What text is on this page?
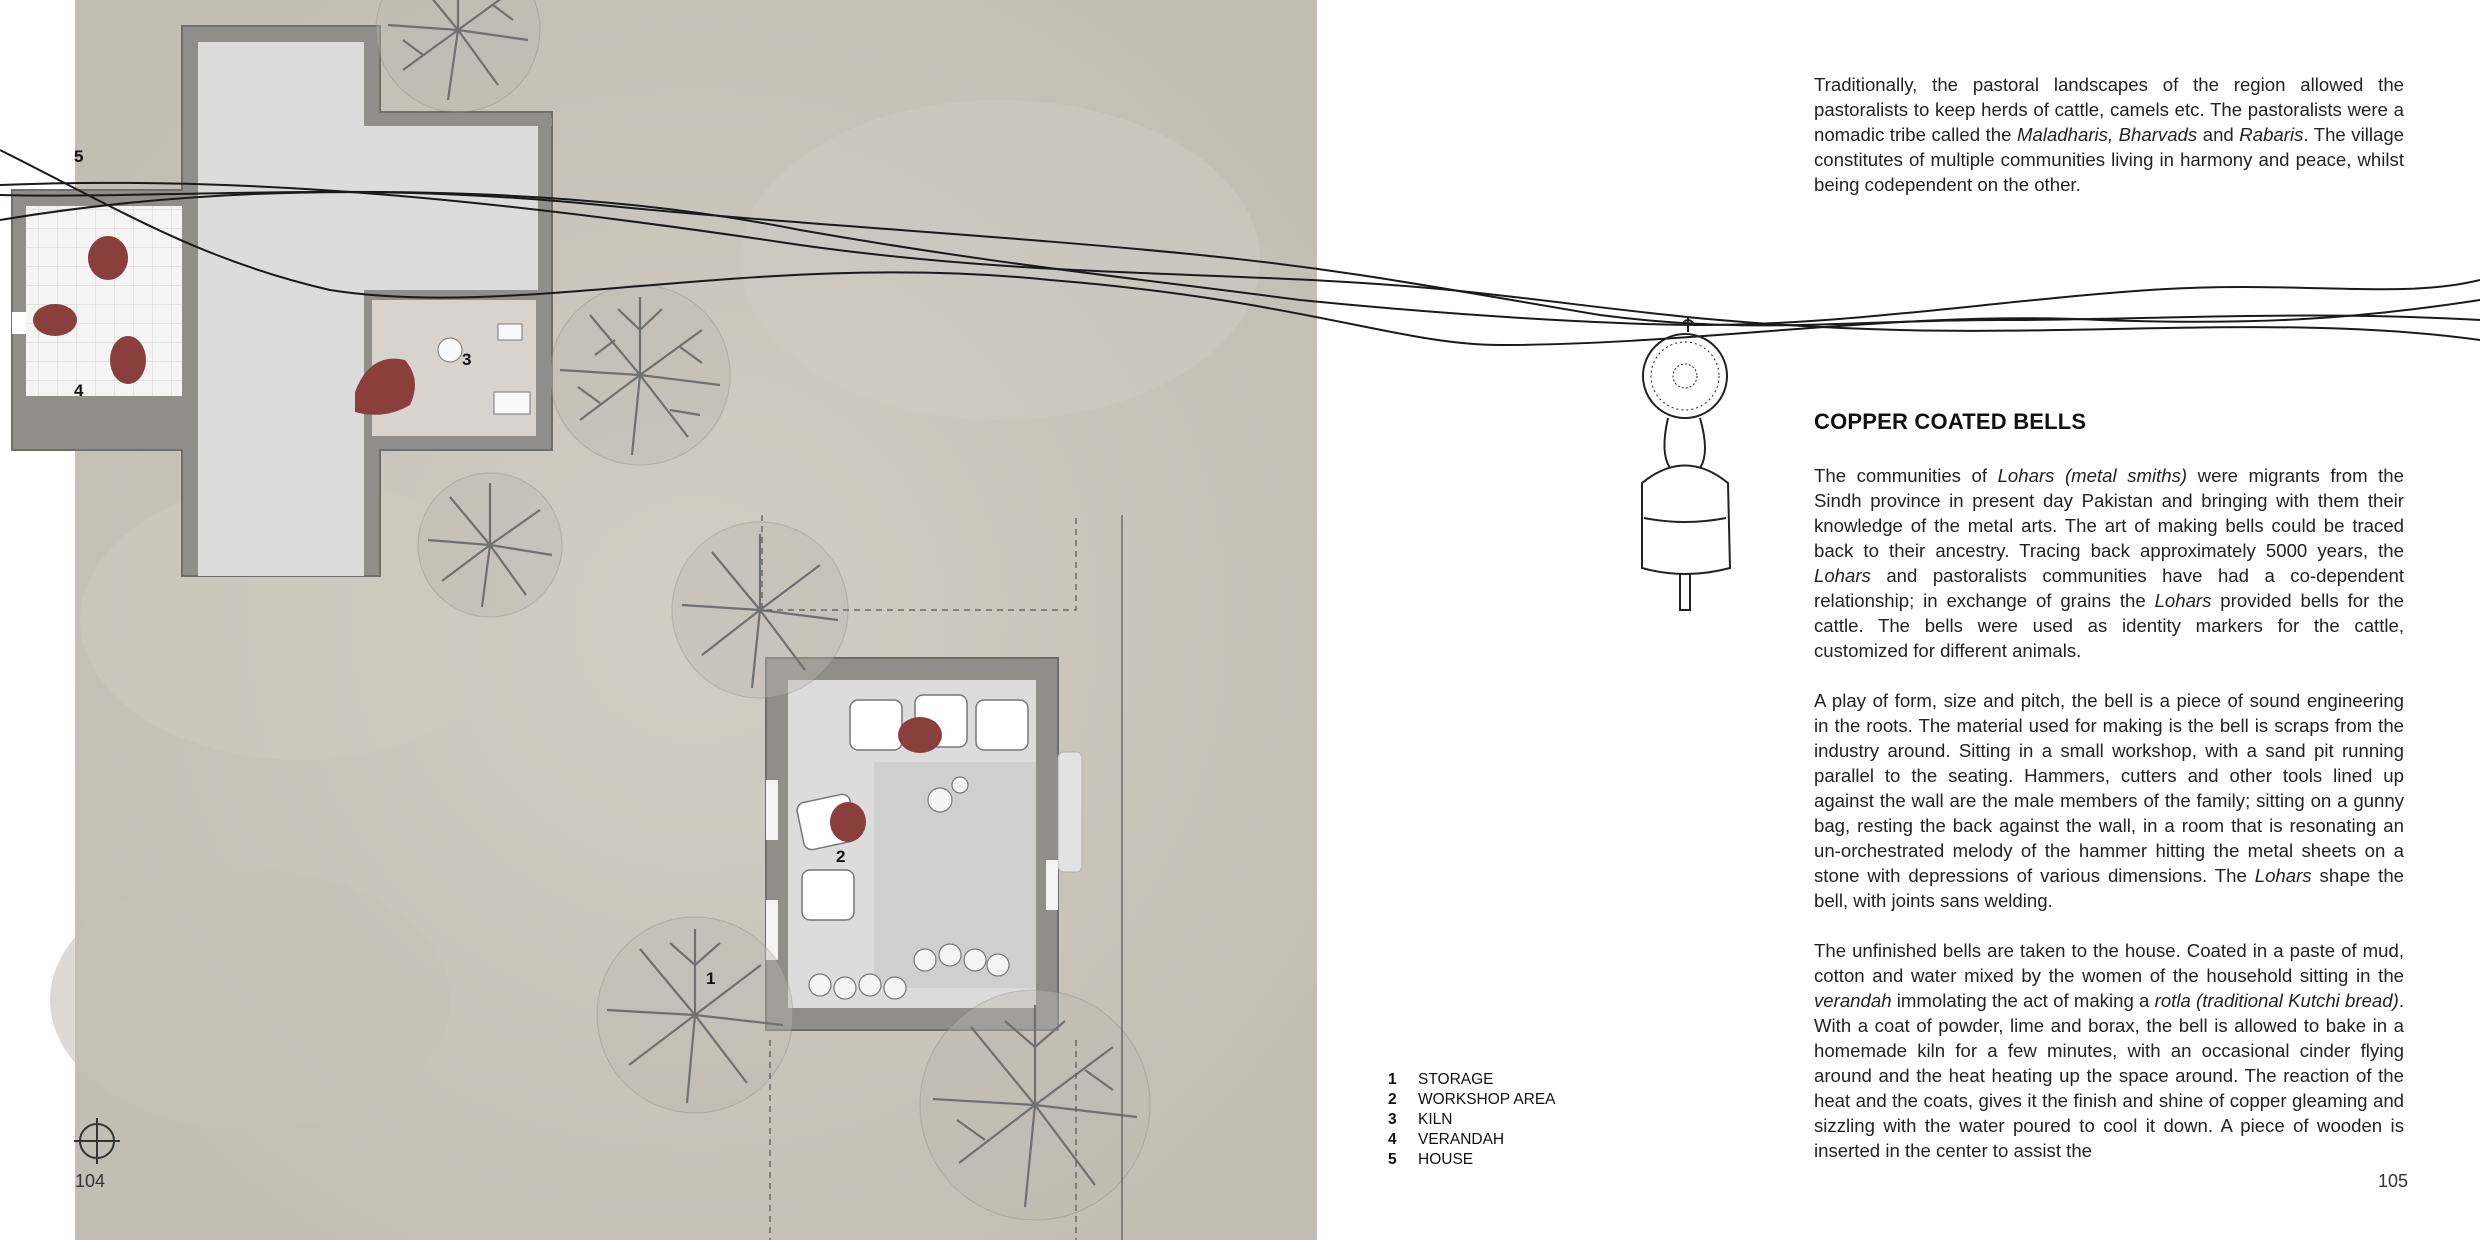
5
4
3
2
1
104	105
1	STORAGE
2	WORKSHOP AREA
3	KILN
4	VERANDAH
5	HOUSE

Traditionally, the pastoral landscapes of the region allowed the pastoralists to keep herds of cattle, camels etc. The pastoralists were a nomadic tribe called the Maladharis, Bharvads and Rabaris. The village constitutes of multiple communities living in harmony and peace, whilst being codependent on the other.

COPPER COATED BELLS

The communities of Lohars (metal smiths) were migrants from the Sindh province in present day Pakistan and bringing with them their knowledge of the metal arts. The art of making bells could be traced back to their ancestry. Tracing back approximately 5000 years, the Lohars and pastoralists communities have had a co-dependent relationship; in exchange of grains the Lohars provided bells for the cattle. The bells were used as identity markers for the cattle, customized for different animals.

A play of form, size and pitch, the bell is a piece of sound engineering in the roots. The material used for making is the bell is scraps from the industry around. Sitting in a small workshop, with a sand pit running parallel to the seating. Hammers, cutters and other tools lined up against the wall are the male members of the family; sitting on a gunny bag, resting the back against the wall, in a room that is resonating an un-orchestrated melody of the hammer hitting the metal sheets on a stone with depressions of various dimensions. The Lohars shape the bell, with joints sans welding.

The unfinished bells are taken to the house. Coated in a paste of mud, cotton and water mixed by the women of the household sitting in the verandah immolating the act of making a rotla (traditional Kutchi bread). With a coat of powder, lime and borax, the bell is allowed to bake in a homemade kiln for a few minutes, with an occasional cinder flying around and the heat heating up the space around. The reaction of the heat and the coats, gives it the finish and shine of copper gleaming and sizzling with the water poured to cool it down. A piece of wooden is inserted in the center to assist the
